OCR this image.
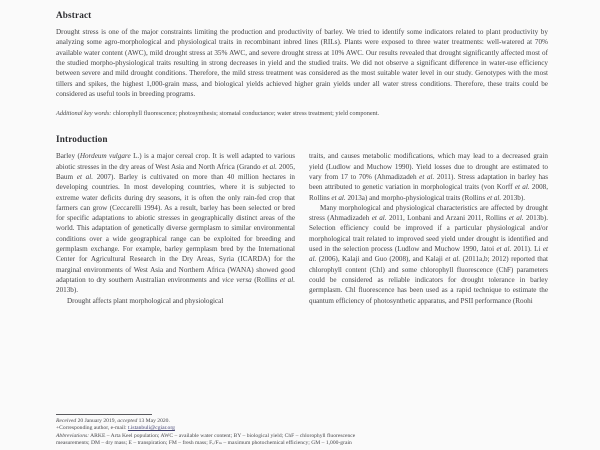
Abstract

Drought stress is one of the major constraints limiting the production and productivity of barley. We tried to identify some indicators related to plant productivity by analyzing some agro-morphological and physiological traits in recombinant inbred lines (RILs). Plants were exposed to three water treatments: well-watered at 70% available water content (AWC), mild drought stress at 35% AWC, and severe drought stress at 10% AWC. Our results revealed that drought significantly affected most of the studied morpho-physiological traits resulting in strong decreases in yield and the studied traits. We did not observe a significant difference in water-use efficiency between severe and mild drought conditions. Therefore, the mild stress treatment was considered as the most suitable water level in our study. Genotypes with the most tillers and spikes, the highest 1,000-grain mass, and biological yields achieved higher grain yields under all water stress conditions. Therefore, these traits could be considered as useful tools in breeding programs.

Additional key words: chlorophyll fluorescence; photosynthesis; stomatal conductance; water stress treatment; yield component.

Introduction

Barley (Hordeum vulgare L.) is a major cereal crop. It is well adapted to various abiotic stresses in the dry areas of West Asia and North Africa (Grando et al. 2005, Baum et al. 2007). Barley is cultivated on more than 40 million hectares in developing countries. In most developing countries, where it is subjected to extreme water deficits during dry seasons, it is often the only rain-fed crop that farmers can grow (Ceccarelli 1994). As a result, barley has been selected or bred for specific adaptations to abiotic stresses in geographically distinct areas of the world. This adaptation of genetically diverse germplasm to similar environmental conditions over a wide geographical range can be exploited for breeding and germplasm exchange. For example, barley germplasm bred by the International Center for Agricultural Research in the Dry Areas, Syria (ICARDA) for the marginal environments of West Asia and Northern Africa (WANA) showed good adaptation to dry southern Australian environments and vice versa (Rollins et al. 2013b).

Drought affects plant morphological and physiological

traits, and causes metabolic modifications, which may lead to a decreased grain yield (Ludlow and Muchow 1990). Yield losses due to drought are estimated to vary from 17 to 70% (Ahmadizadeh et al. 2011). Stress adaptation in barley has been attributed to genetic variation in morphological traits (von Korff et al. 2008, Rollins et al. 2013a) and morpho-physiological traits (Rollins et al. 2013b).

Many morphological and physiological characteristics are affected by drought stress (Ahmadizadeh et al. 2011, Lonbani and Arzani 2011, Rollins et al. 2013b). Selection efficiency could be improved if a particular physiological and/or morphological trait related to improved seed yield under drought is identified and used in the selection process (Ludlow and Muchow 1990, Jatoi et al. 2011). Li et al. (2006), Kalaji and Guo (2008), and Kalaji et al. (2011a,b; 2012) reported that chlorophyll content (Chl) and some chlorophyll fluorescence (ChF) parameters could be considered as reliable indicators for drought tolerance in barley germplasm. Chl fluorescence has been used as a rapid technique to estimate the quantum efficiency of photosynthetic apparatus, and PSII performance (Roohi

Received 20 January 2019, accepted 13 May 2020.

+Corresponding author, e-mail: t.istanbuli@cgiar.org

Abbreviations: ARKE – Arta Keel population; AWC – available water content; BY – biological yield; ChF – chlorophyll fluorescence

measurements; DM – dry mass; E – transpiration; FM – fresh mass; Fᵥ/Fₘ – maximum photochemical efficiency; GM – 1,000-grain
